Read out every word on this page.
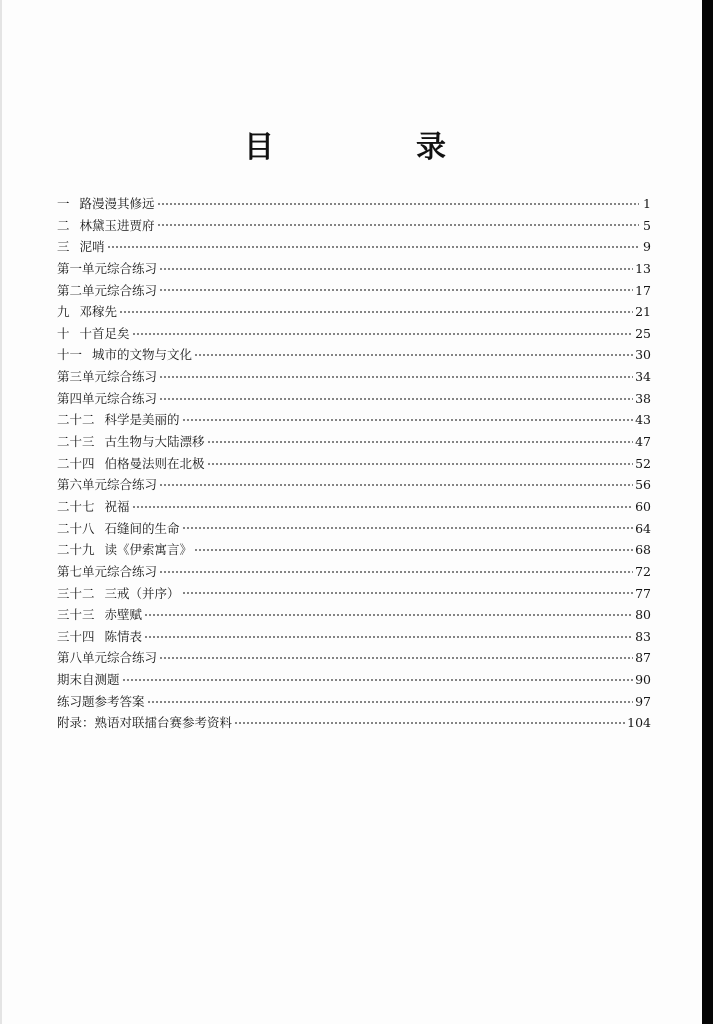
目　录
一 路漫漫其修远	1
二 林黛玉进贾府	5
三 泥哨	9
第一单元综合练习	13
第二单元综合练习	17
九 邓稼先	21
十 十首足矣	25
十一 城市的文物与文化	30
第三单元综合练习	34
第四单元综合练习	38
二十二 科学是美丽的	43
二十三 古生物与大陆漂移	47
二十四 伯格曼法则在北极	52
第六单元综合练习	56
二十七 祝福	60
二十八 石缝间的生命	64
二十九 读《伊索寓言》	68
第七单元综合练习	72
三十二 三戒（并序）	77
三十三 赤壁赋	80
三十四 陈情表	83
第八单元综合练习	87
期末自测题	90
练习题参考答案	97
附录：熟语对联擂台赛参考资料	104
